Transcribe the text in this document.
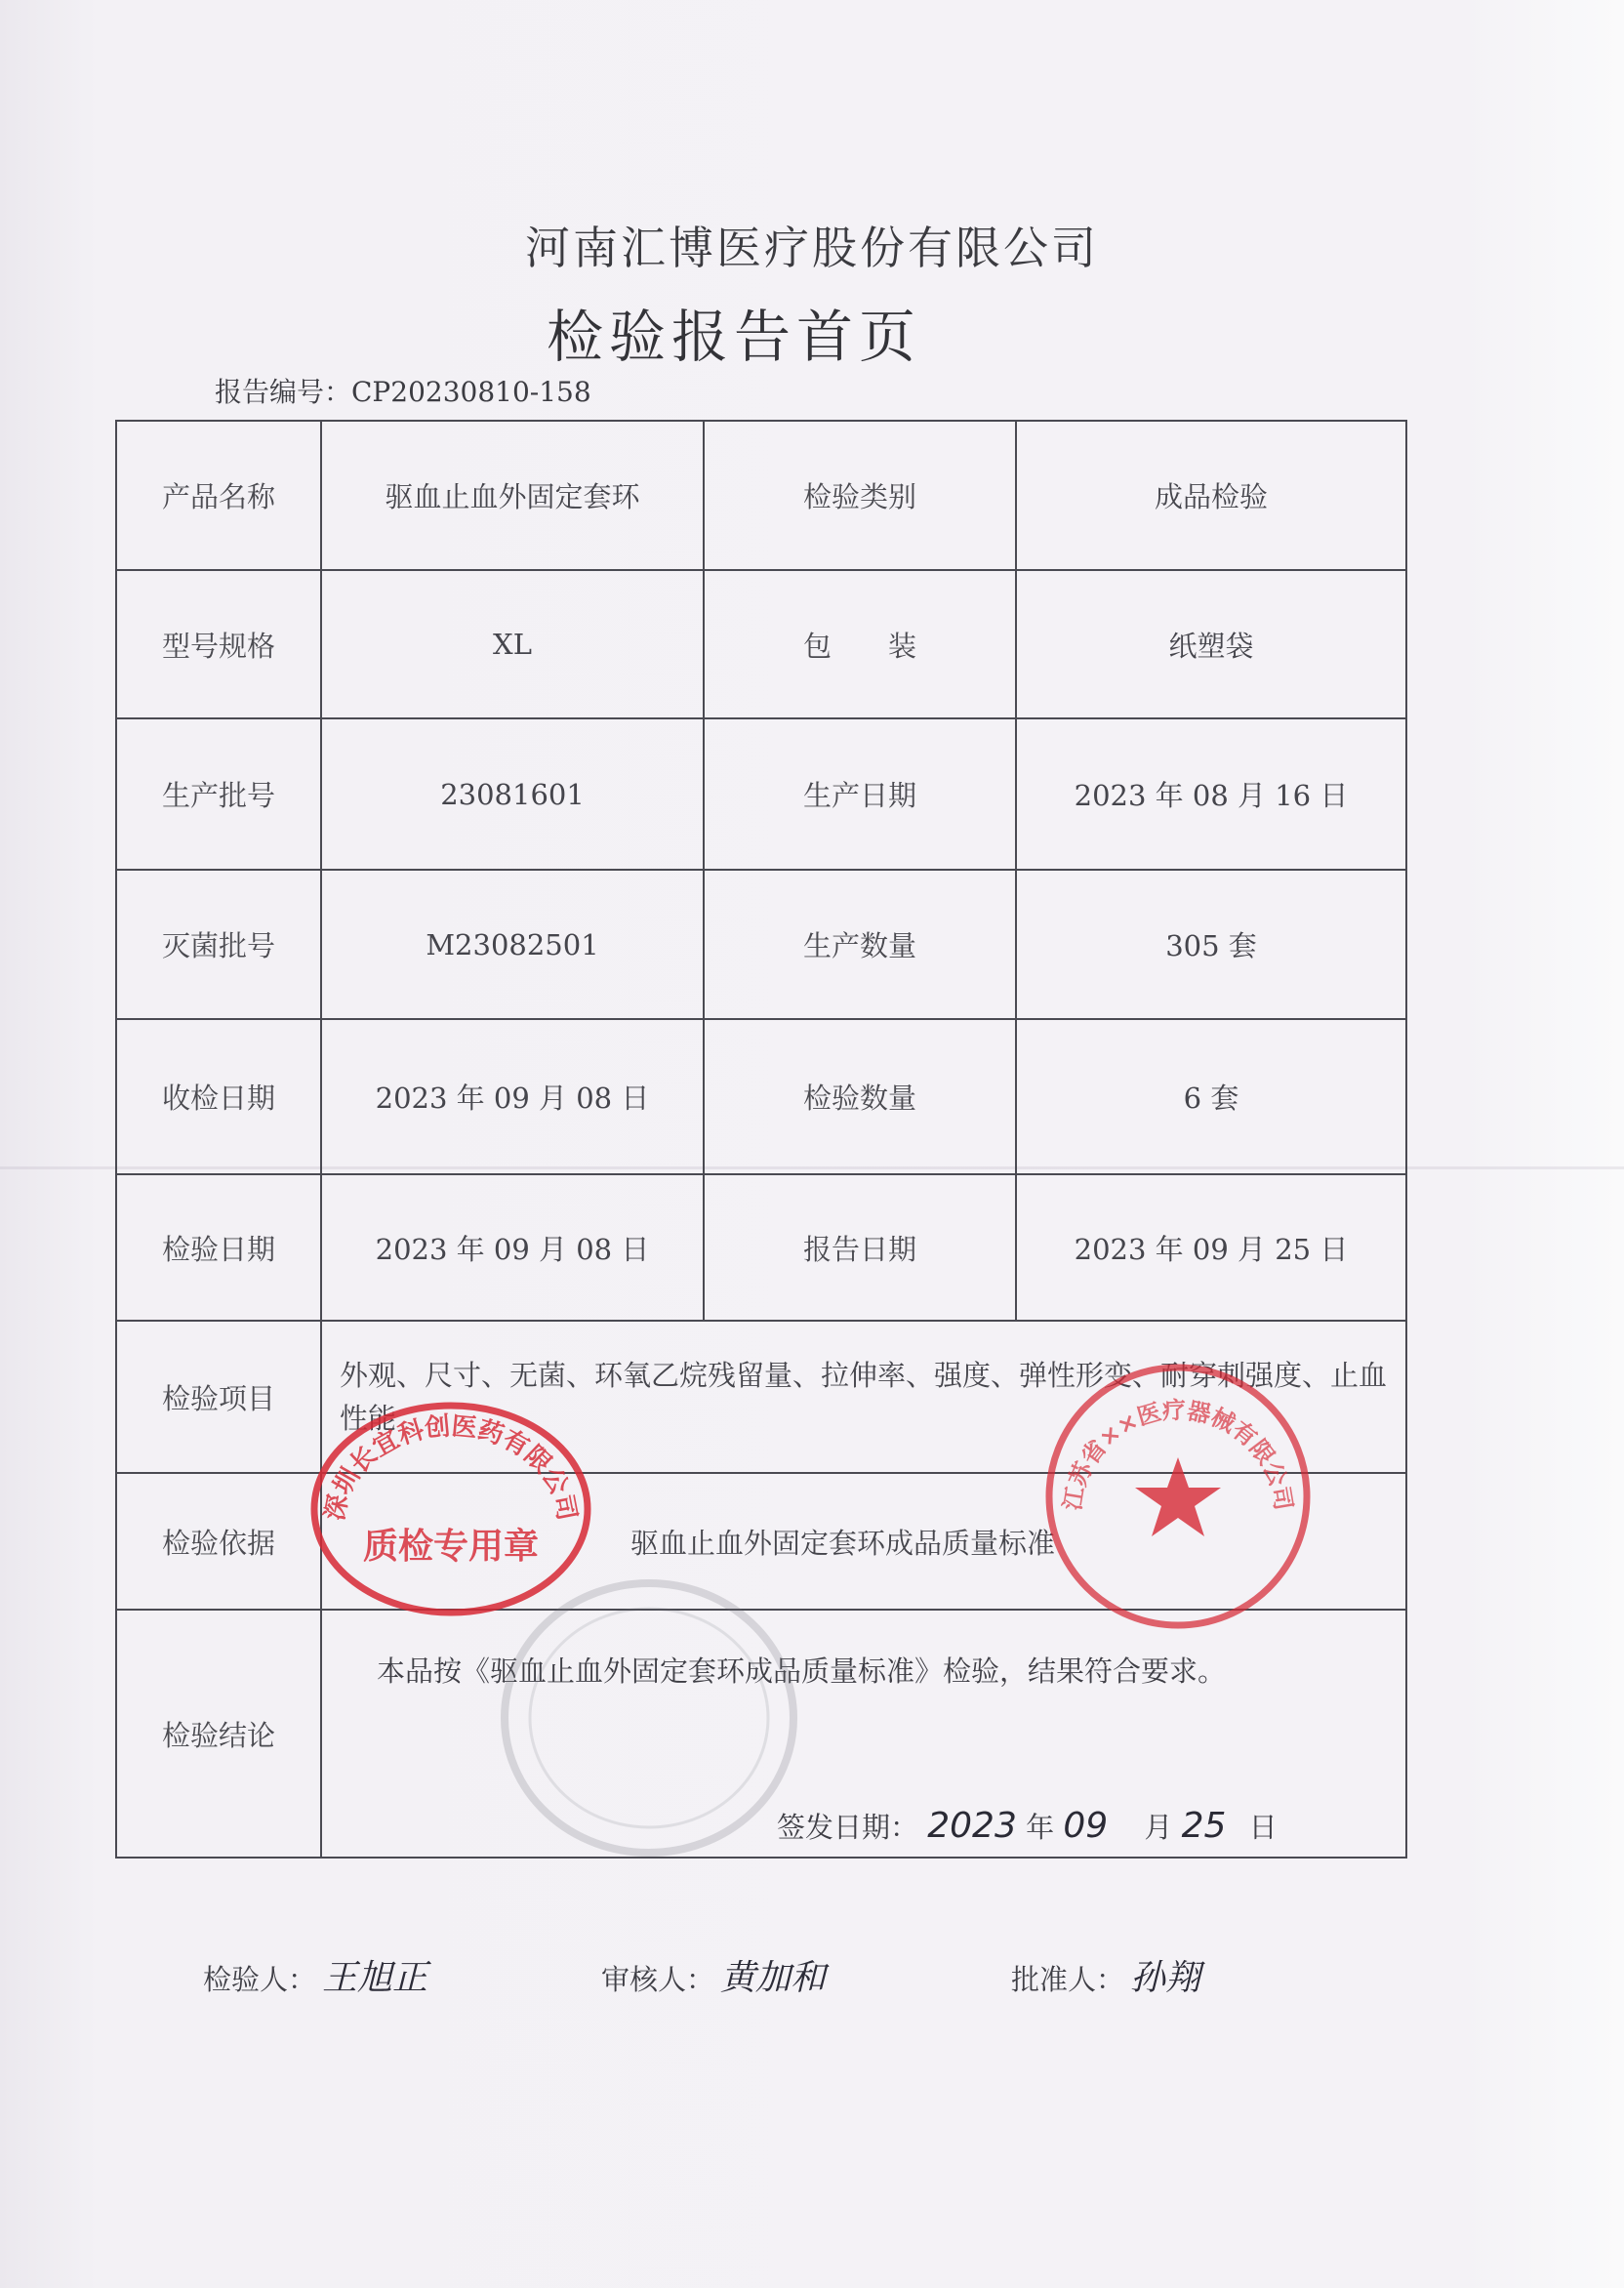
河南汇博医疗股份有限公司
检验报告首页
报告编号：CP20230810-158
产品名称	驱血止血外固定套环	检验类别	成品检验
型号规格	XL	包　　装	纸塑袋
生产批号	23081601	生产日期	2023 年 08 月 16 日
灭菌批号	M23082501	生产数量	305 套
收检日期	2023 年 09 月 08 日	检验数量	6 套
检验日期	2023 年 09 月 08 日	报告日期	2023 年 09 月 25 日
检验项目	外观、尺寸、无菌、环氧乙烷残留量、拉伸率、强度、弹性形变、耐穿刺强度、止血性能		
检验依据	驱血止血外固定套环成品质量标准		
检验结论	本品按《驱血止血外固定套环成品质量标准》检验，结果符合要求。
签发日期： 2023 年 09 月 25 日		
检验人： 王旭正	审核人： 黄加和	批准人： 孙翔
深圳长宜科创医药有限公司
质检专用章
江苏省××医疗器械有限公司
